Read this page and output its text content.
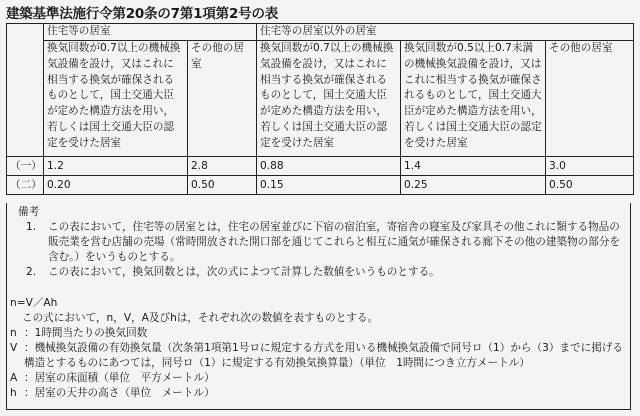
建築基準法施行令第20条の7第1項第2号の表
	住宅等の居室		住宅等の居室以外の居室		
	換気回数が0.7以上の機械換気設備を設け，又はこれに相当する換気が確保されるものとして，国土交通大臣が定めた構造方法を用い，若しくは国土交通大臣の認定を受けた居室	その他の居室	換気回数が0.7以上の機械換気設備を設け，又はこれに相当する換気が確保されるものとして，国土交通大臣が定めた構造方法を用い，若しくは国土交通大臣の認定を受けた居室	換気回数が0.5以上0.7未満の機械換気設備を設け，又はこれに相当する換気が確保されるものとして，国土交通大臣が定めた構造方法を用い，若しくは国土交通大臣の認定を受けた居室	その他の居室
（一）	1.2	2.8	0.88	1.4	3.0
（二）	0.20	0.50	0.15	0.25	0.50
備考
1. この表において，住宅等の居室とは，住宅の居室並びに下宿の宿泊室，寄宿舎の寝室及び家具その他これに類する物品の販売業を営む店舗の売場（常時開放された開口部を通じてこれらと相互に通気が確保される廊下その他の建築物の部分を含む。）をいうものとする。
2. この表において，換気回数とは，次の式によつて計算した数値をいうものとする。
n=V／Ah
この式において，n，V，A及びhは，それぞれ次の数値を表すものとする。
n ：1時間当たりの換気回数
V ：機械換気設備の有効換気量（次条第1項第1号ロに規定する方式を用いる機械換気設備で同号ロ（1）から（3）までに掲げる構造とするものにあつては，同号ロ（1）に規定する有効換気換算量）（単位　1時間につき立方メートル）
A ：居室の床面積（単位　平方メートル）
h ：居室の天井の高さ（単位　メートル）
